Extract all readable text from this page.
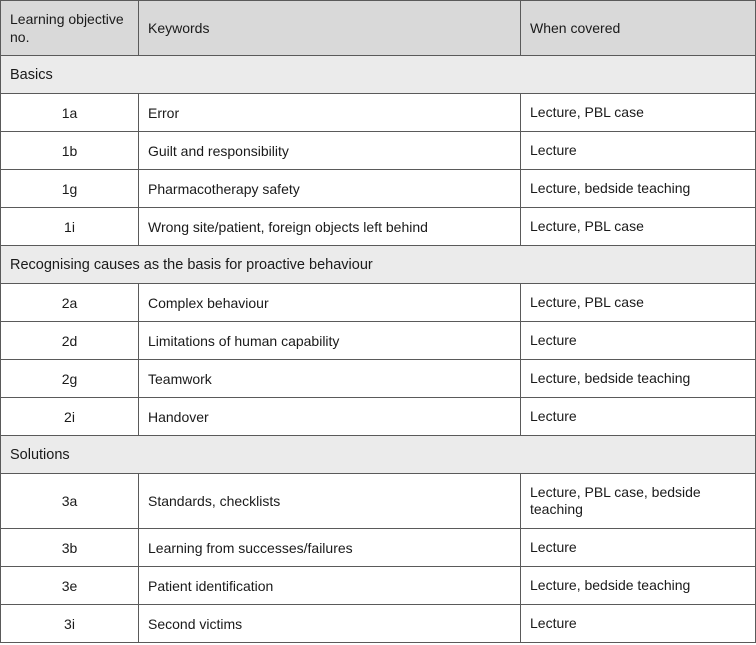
Learning objective no.	Keywords	When covered
Basics		
1a	Error	Lecture, PBL case
1b	Guilt and responsibility	Lecture
1g	Pharmacotherapy safety	Lecture, bedside teaching
1i	Wrong site/patient, foreign objects left behind	Lecture, PBL case
Recognising causes as the basis for proactive behaviour		
2a	Complex behaviour	Lecture, PBL case
2d	Limitations of human capability	Lecture
2g	Teamwork	Lecture, bedside teaching
2i	Handover	Lecture
Solutions		
3a	Standards, checklists	Lecture, PBL case, bedside teaching
3b	Learning from successes/failures	Lecture
3e	Patient identification	Lecture, bedside teaching
3i	Second victims	Lecture
